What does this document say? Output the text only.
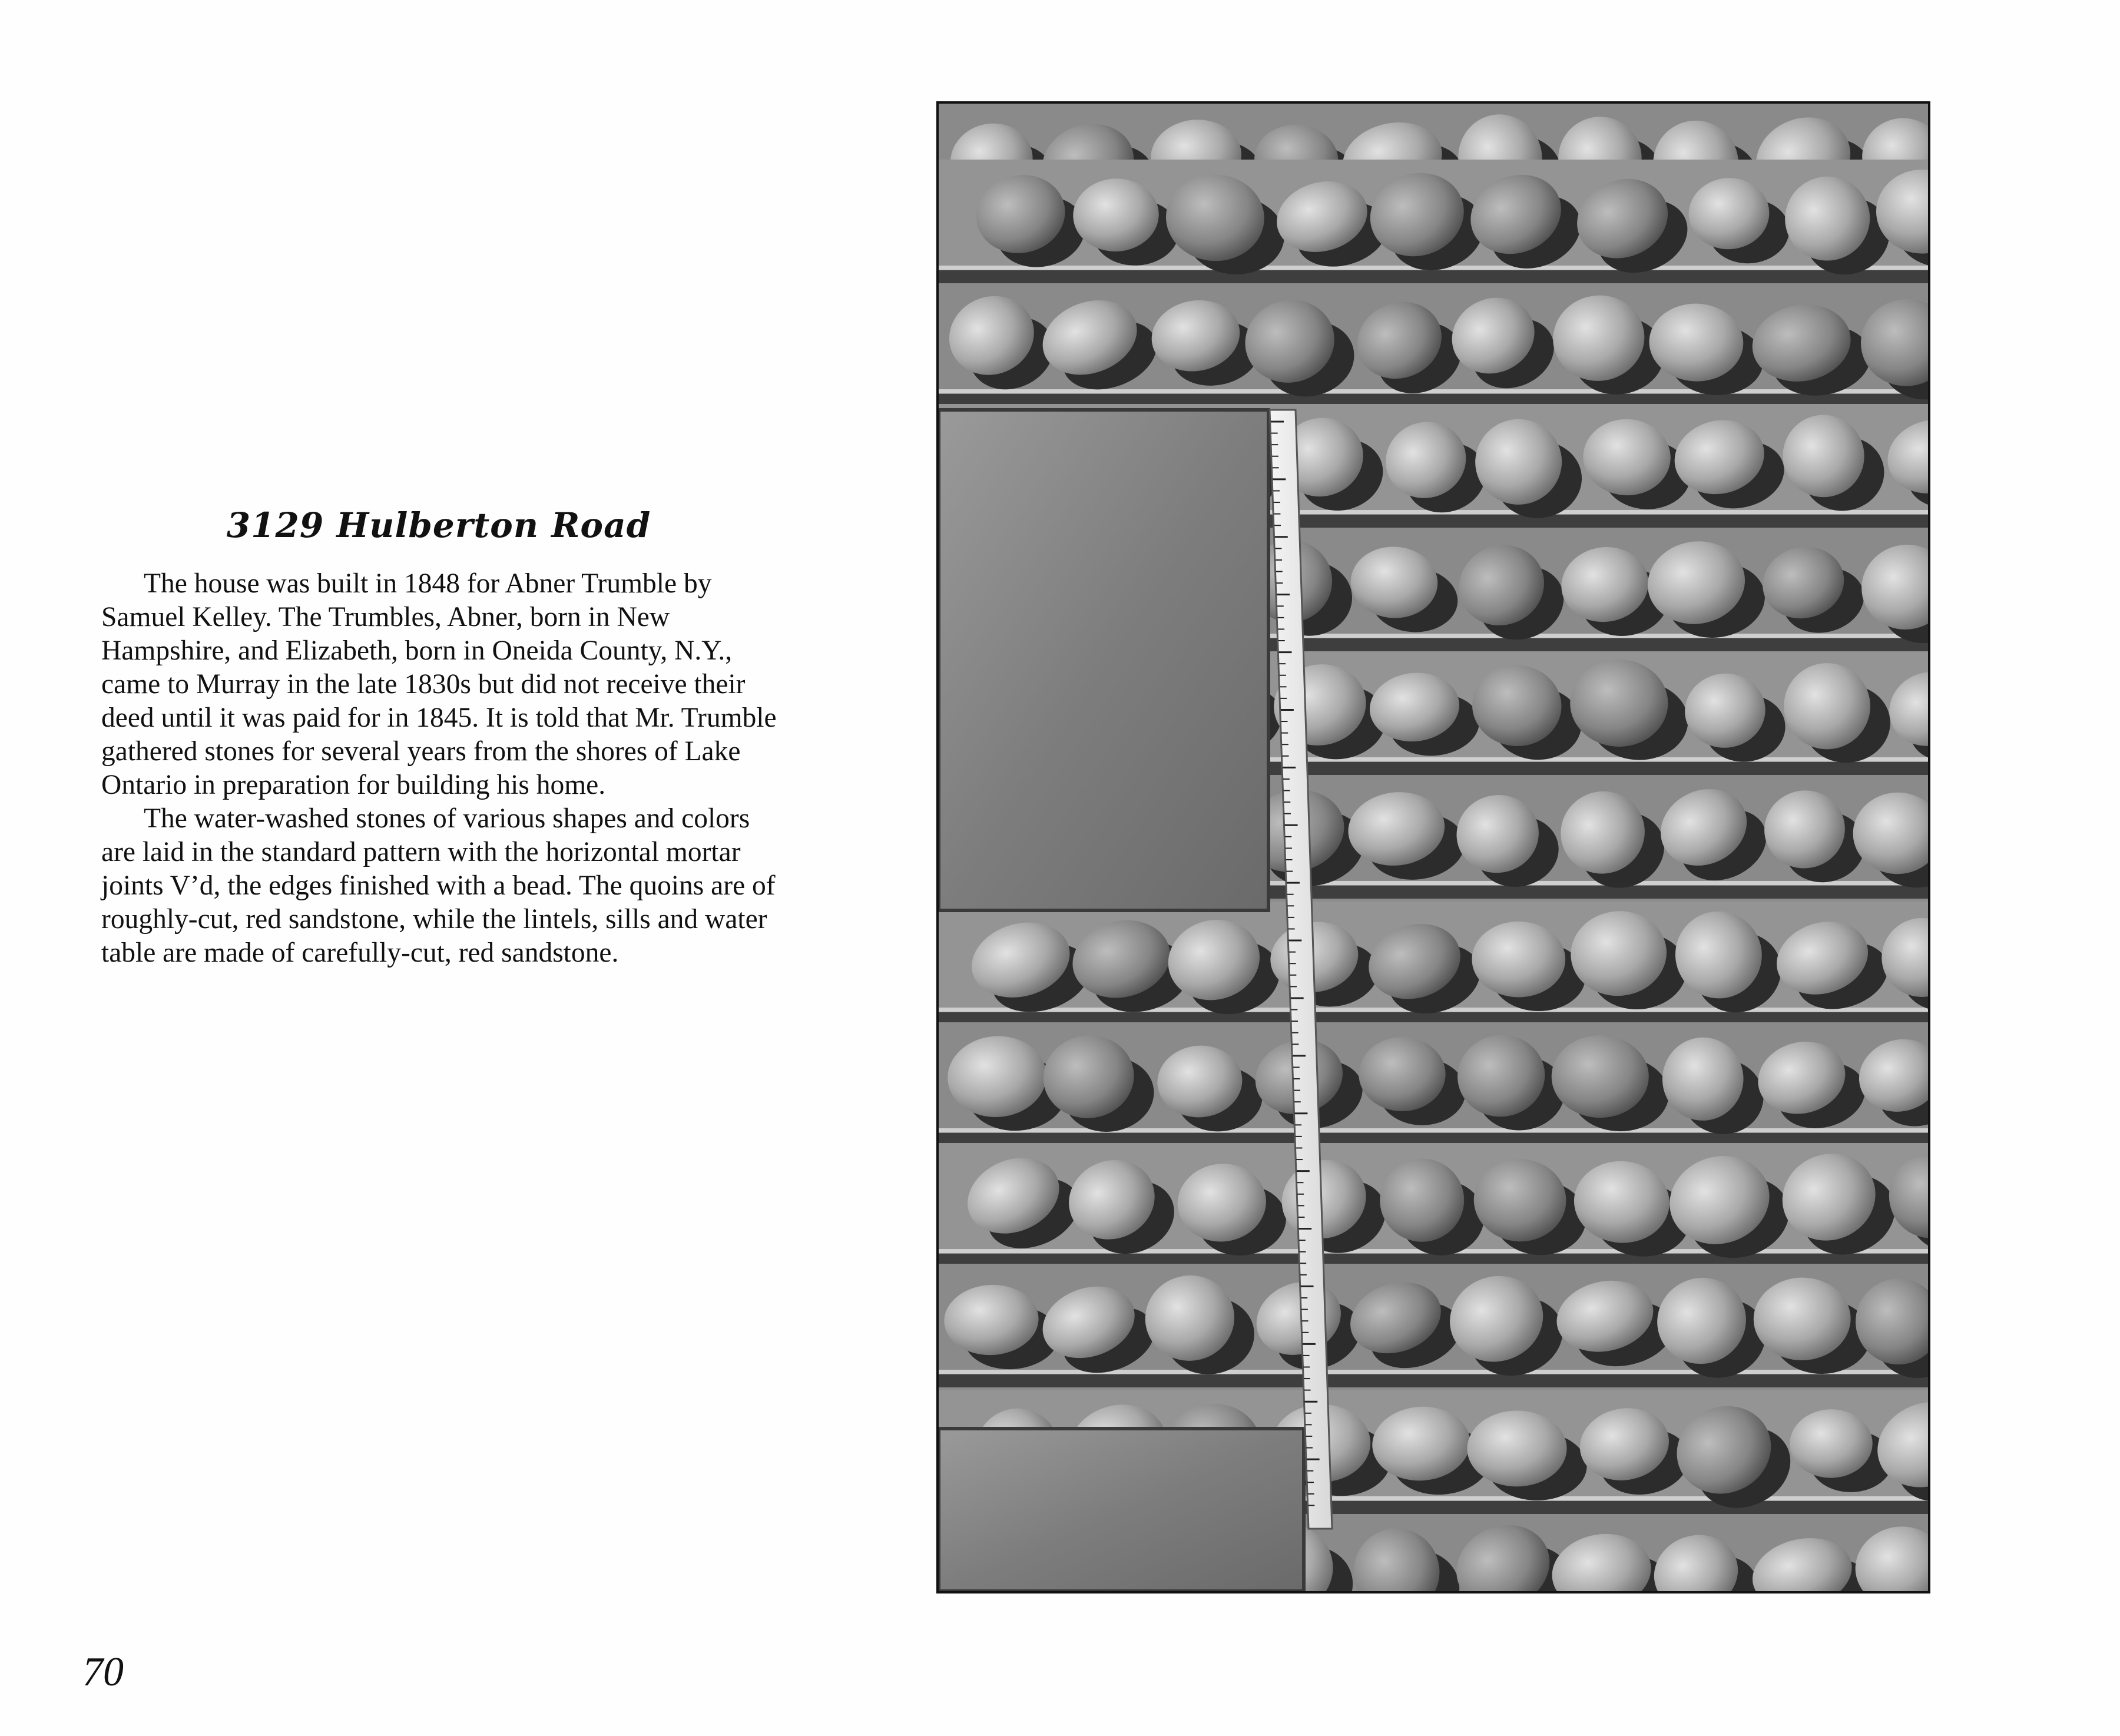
3129 Hulberton Road

The house was built in 1848 for Abner Trumble by Samuel Kelley. The Trumbles, Abner, born in New Hampshire, and Elizabeth, born in Oneida County, N.Y., came to Murray in the late 1830s but did not receive their deed until it was paid for in 1845. It is told that Mr. Trumble gathered stones for several years from the shores of Lake Ontario in preparation for building his home.

The water-washed stones of various shapes and colors are laid in the standard pattern with the horizontal mortar joints V’d, the edges finished with a bead. The quoins are of roughly-cut, red sandstone, while the lintels, sills and water table are made of carefully-cut, red sandstone.

70
